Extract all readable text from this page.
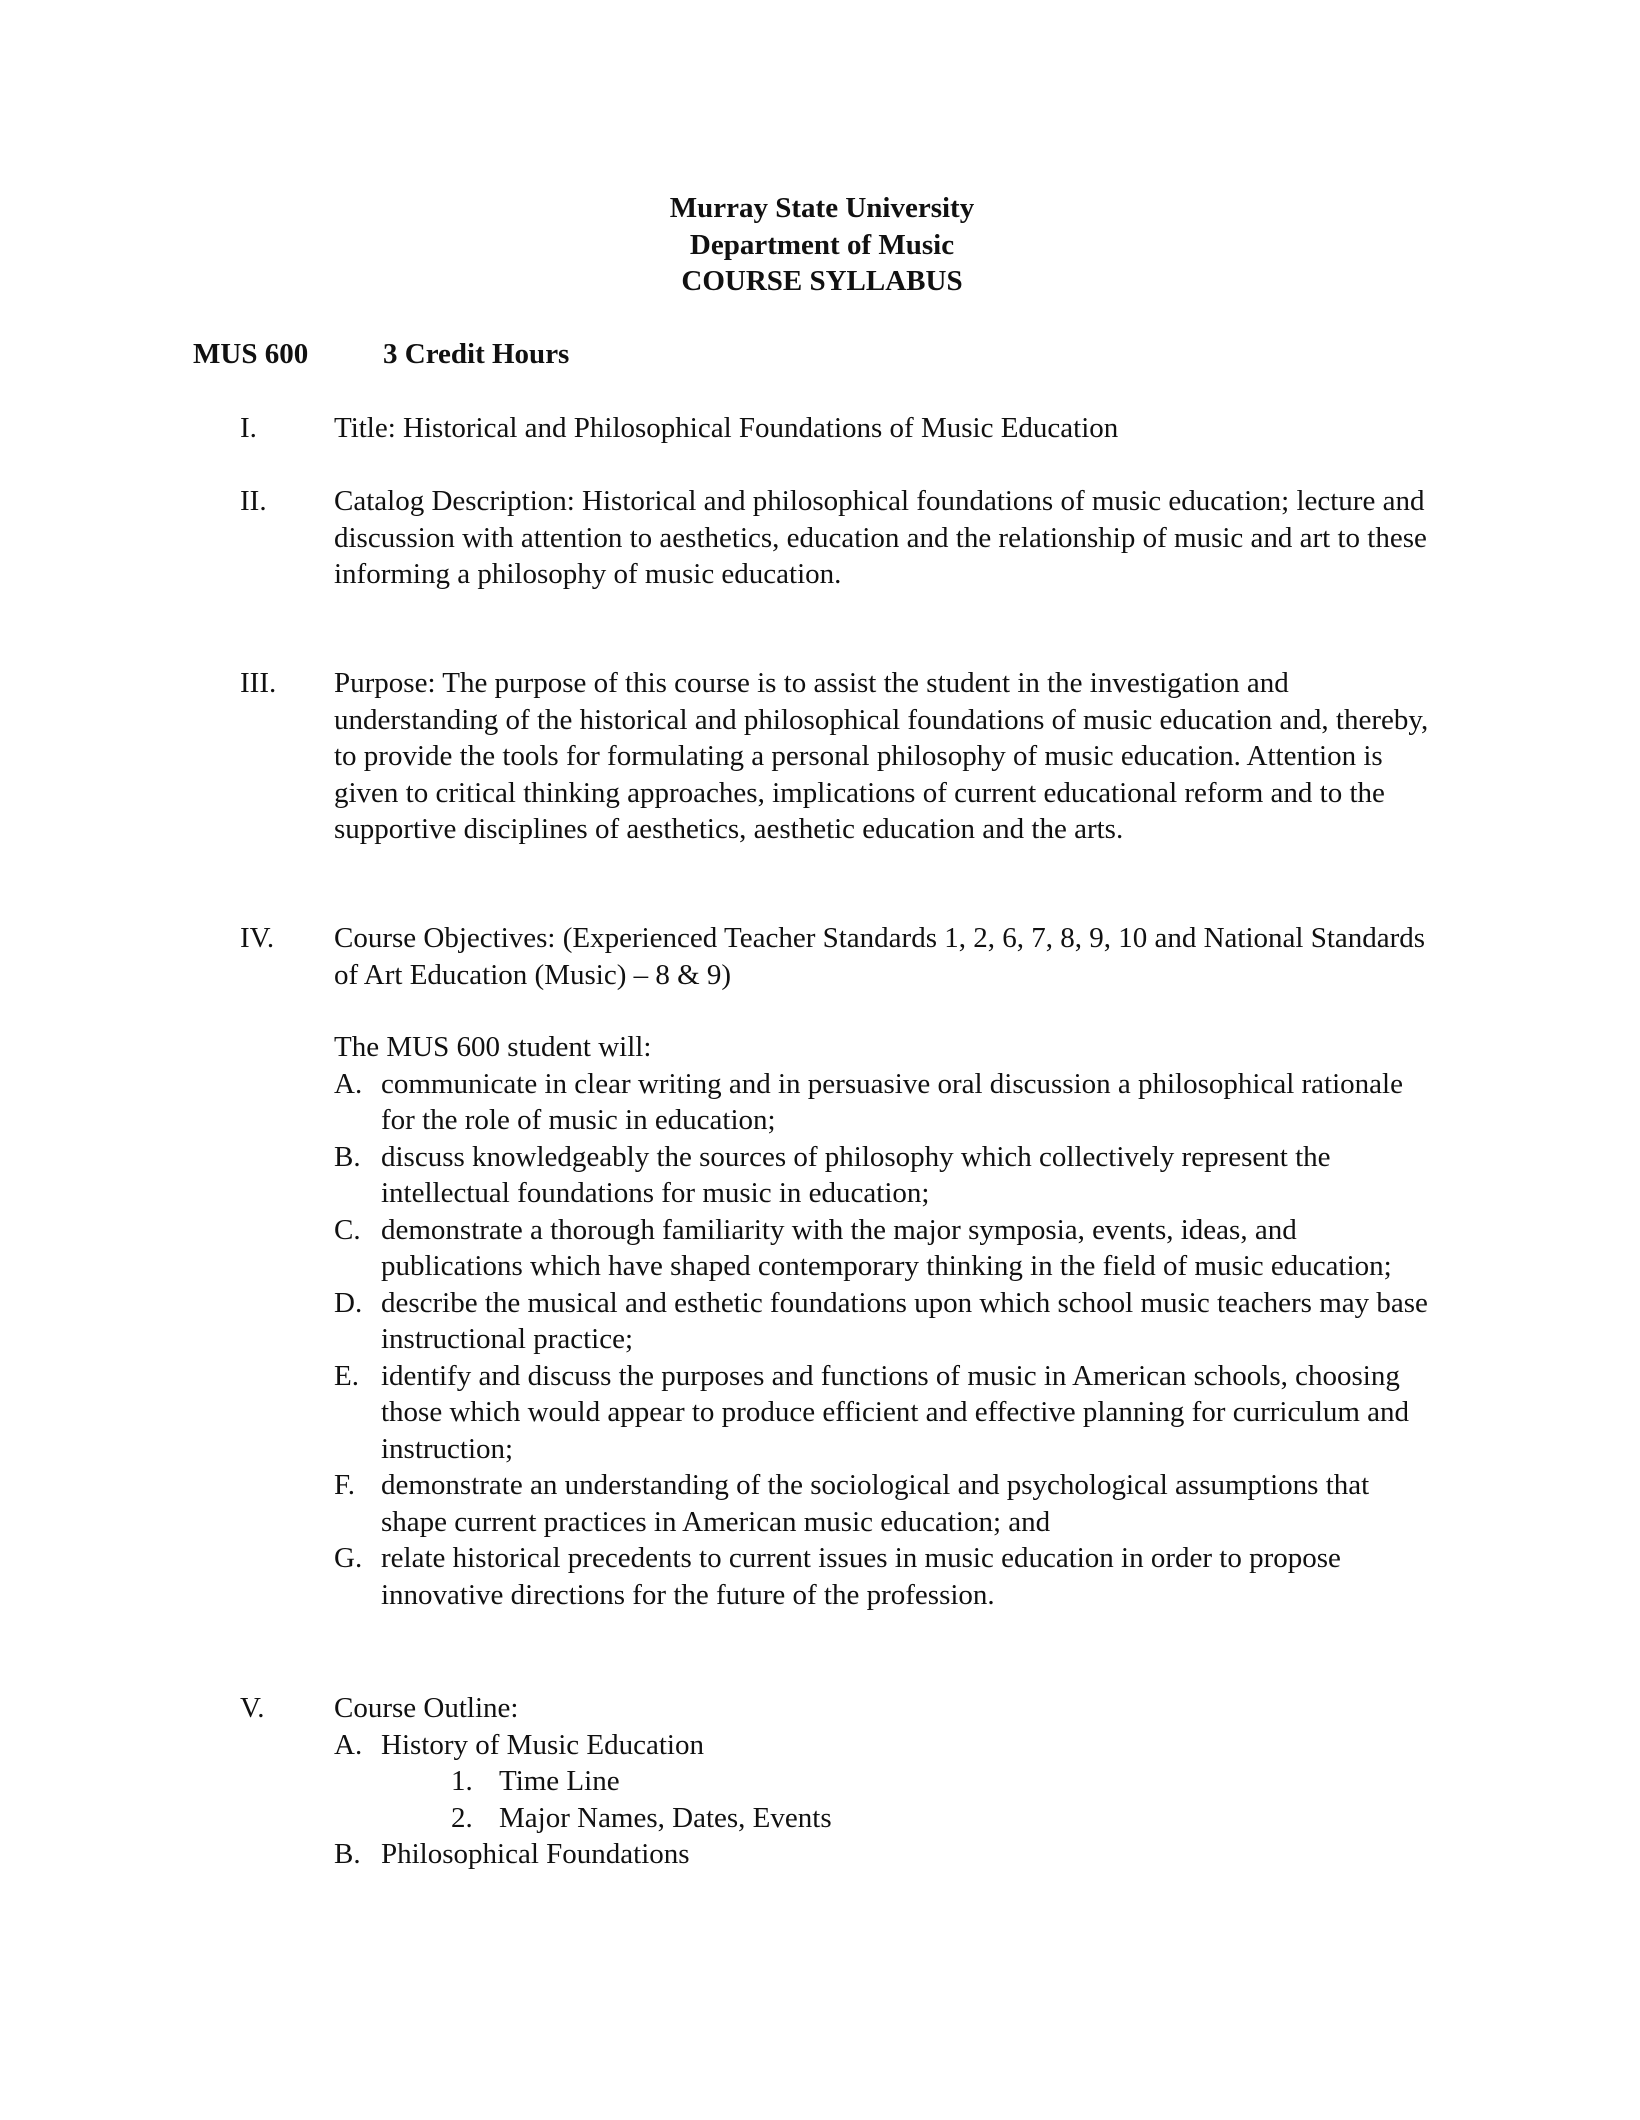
Murray State University
Department of Music
COURSE SYLLABUS
MUS 600	3 Credit Hours
I.	Title: Historical and Philosophical Foundations of Music Education

II. Catalog Description: Historical and philosophical foundations of music education; lecture and discussion with attention to aesthetics, education and the relationship of music and art to these informing a philosophy of music education.

III. Purpose: The purpose of this course is to assist the student in the investigation and understanding of the historical and philosophical foundations of music education and, thereby, to provide the tools for formulating a personal philosophy of music education. Attention is given to critical thinking approaches, implications of current educational reform and to the supportive disciplines of aesthetics, aesthetic education and the arts.

IV. Course Objectives: (Experienced Teacher Standards 1, 2, 6, 7, 8, 9, 10 and National Standards of Art Education (Music) – 8 & 9)

The MUS 600 student will:

A. communicate in clear writing and in persuasive oral discussion a philosophical rationale for the role of music in education;
B. discuss knowledgeably the sources of philosophy which collectively represent the intellectual foundations for music in education;
C. demonstrate a thorough familiarity with the major symposia, events, ideas, and publications which have shaped contemporary thinking in the field of music education;
D. describe the musical and esthetic foundations upon which school music teachers may base instructional practice;
E. identify and discuss the purposes and functions of music in American schools, choosing those which would appear to produce efficient and effective planning for curriculum and instruction;
F. demonstrate an understanding of the sociological and psychological assumptions that shape current practices in American music education; and
G. relate historical precedents to current issues in music education in order to propose innovative directions for the future of the profession.
V. Course Outline:

A. History of Music Education
1. Time Line
2. Major Names, Dates, Events
B. Philosophical Foundations
